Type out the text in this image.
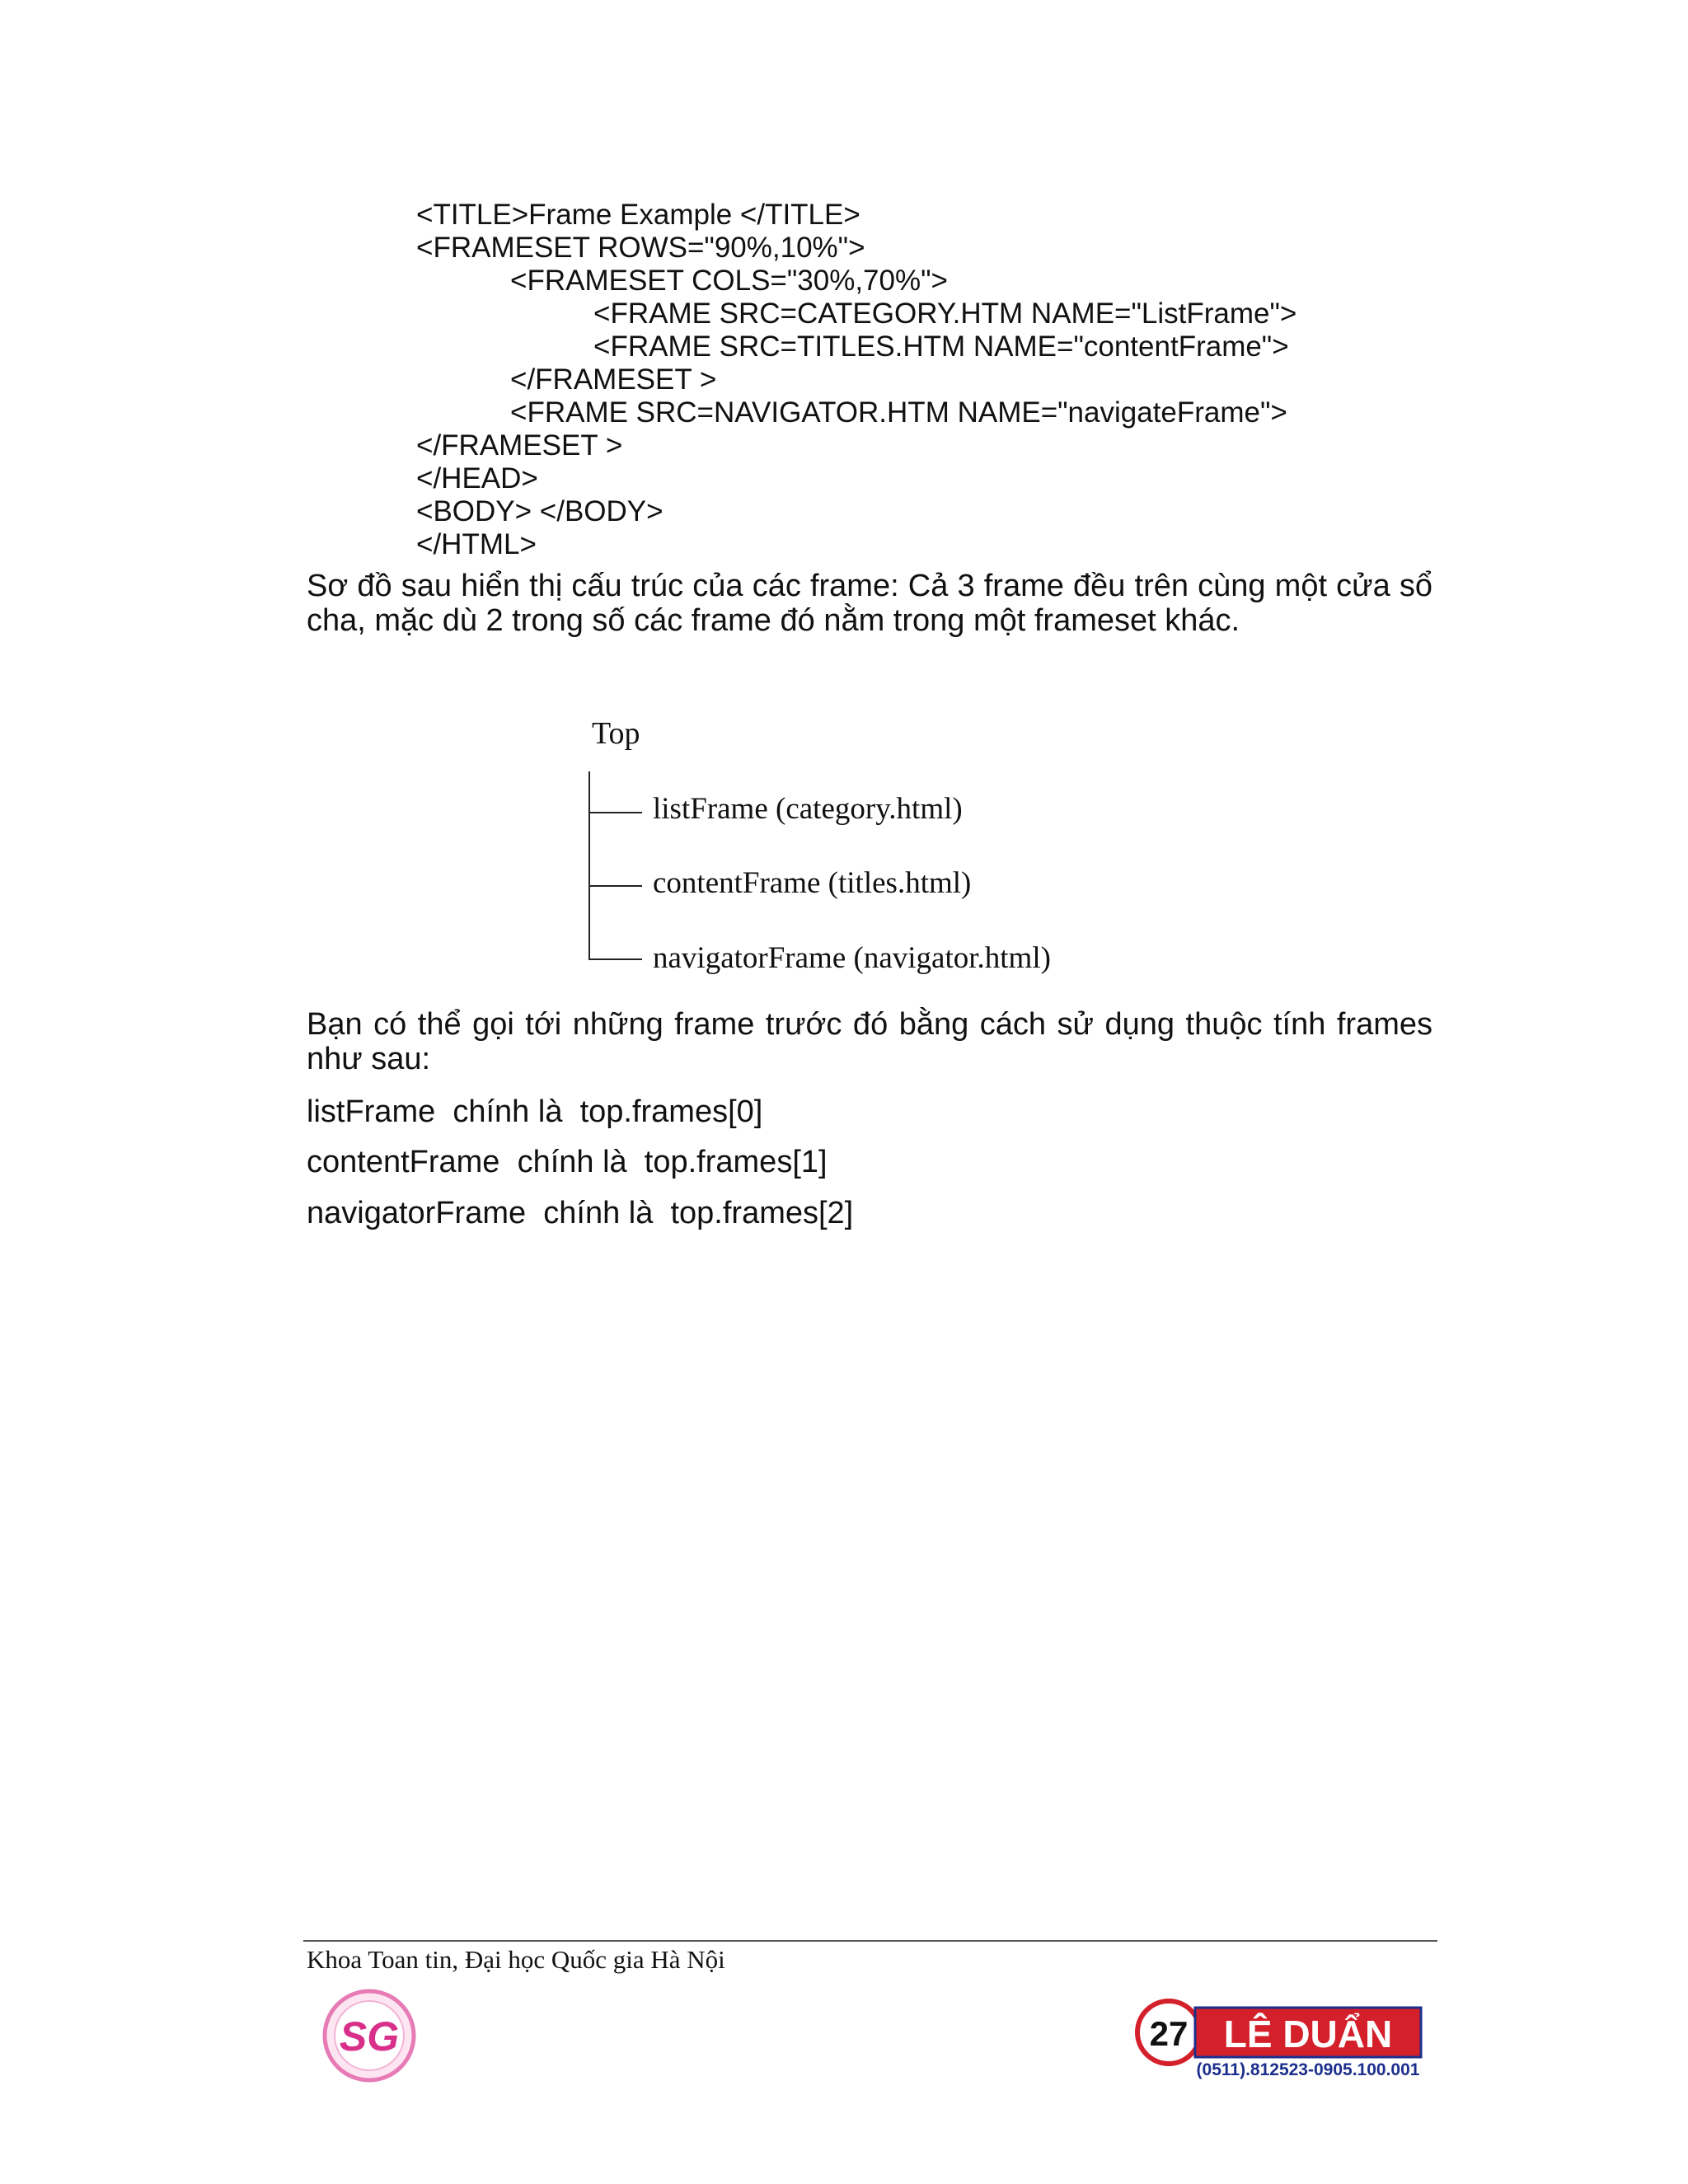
<TITLE>Frame Example </TITLE>
<FRAMESET ROWS="90%,10%">
<FRAMESET COLS="30%,70%">
<FRAME SRC=CATEGORY.HTM NAME="ListFrame">
<FRAME SRC=TITLES.HTM NAME="contentFrame">
</FRAMESET >
<FRAME SRC=NAVIGATOR.HTM NAME="navigateFrame">
</FRAMESET >
</HEAD>
<BODY> </BODY>
</HTML>
Sơ đồ sau hiển thị cấu trúc của các frame: Cả 3 frame đều trên cùng một cửa sổ cha, mặc dù 2 trong số các frame đó nằm trong một frameset khác.
Top
listFrame (category.html)
contentFrame (titles.html)
navigatorFrame (navigator.html)
Bạn có thể gọi tới những frame trước đó bằng cách sử dụng thuộc tính frames như sau:
listFrame chính là top.frames[0]
contentFrame chính là top.frames[1]
navigatorFrame chính là top.frames[2]
Khoa Toan tin, Đại học Quốc gia Hà Nội
SG	27 LÊ DUẨN
(0511).812523-0905.100.001
